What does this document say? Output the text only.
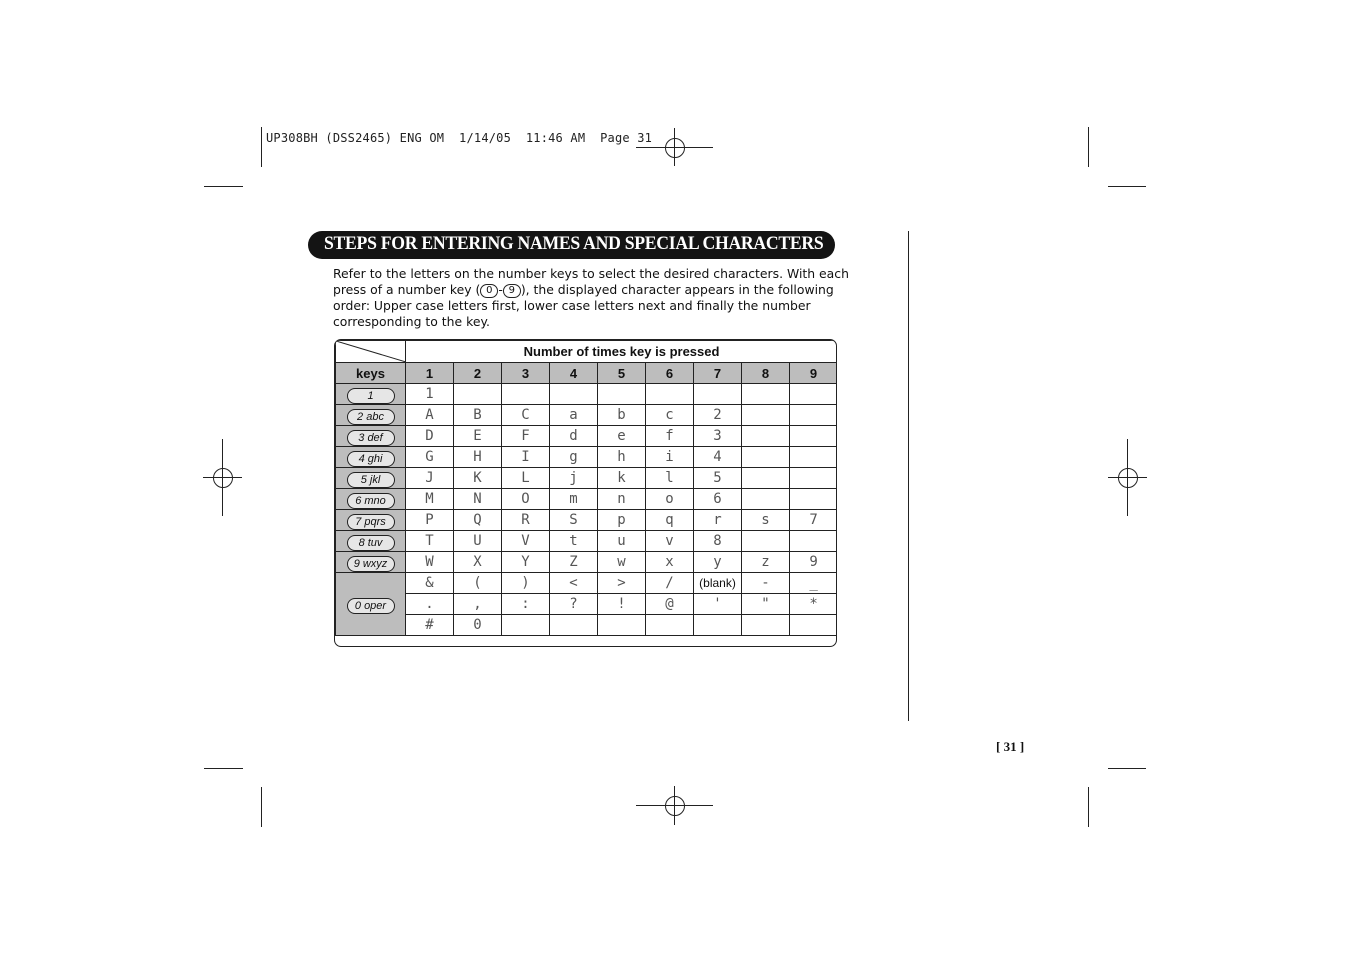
UP308BH (DSS2465) ENG OM  1/14/05  11:46 AM  Page 31
STEPS FOR ENTERING NAMES AND SPECIAL CHARACTERS

Refer to the letters on the number keys to select the desired characters. With each

press of a number key ( 0 - 9 ), the displayed character appears in the following

order: Upper case letters first, lower case letters next and finally the number

corresponding to the key.

	Number of times key is pressed								
keys	1	2	3	4	5	6	7	8	9
1	1								
2 abc	A	B	C	a	b	c	2		
3 def	D	E	F	d	e	f	3		
4 ghi	G	H	I	g	h	i	4		
5 jkl	J	K	L	j	k	l	5		
6 mno	M	N	O	m	n	o	6		
7 pqrs	P	Q	R	S	p	q	r	s	7
8 tuv	T	U	V	t	u	v	8		
9 wxyz	W	X	Y	Z	w	x	y	z	9
0 oper	&	(	)	<	>	/	(blank)	-	_
	.	,	:	?	!	@	'	"	*
	#	0							
[ 31 ]
